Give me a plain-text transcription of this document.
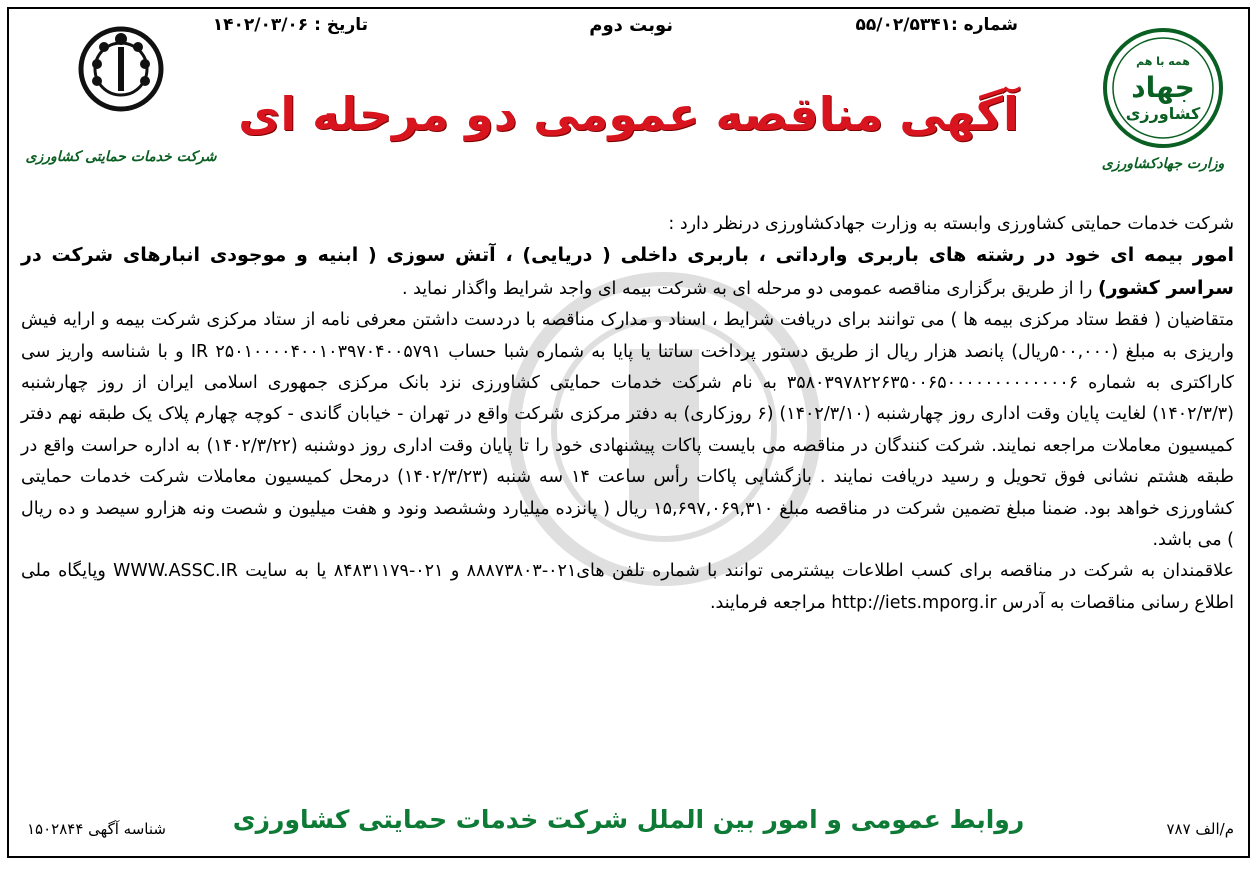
شرکت خدمات حمایتی کشاورزی
همه با هم
جهاد
کشاورزی
وزارت جهادکشاورزی
شماره :۵۵/۰۲/۵۳۴۱
نوبت دوم
تاریخ : ۱۴۰۲/۰۳/۰۶
آگهی مناقصه عمومی دو مرحله ای

شرکت خدمات حمایتی کشاورزی وابسته به وزارت جهادکشاورزی درنظر دارد :

امور بیمه ای خود در رشته های باربری وارداتی ، باربری داخلی ( دریایی) ، آتش سوزی ( ابنیه و موجودی انبارهای شرکت در سراسر کشور) را از طریق برگزاری مناقصه عمومی دو مرحله ای به شرکت بیمه ای واجد شرایط واگذار نماید .

متقاضیان ( فقط ستاد مرکزی بیمه ها ) می توانند برای دریافت شرایط ، اسناد و مدارک مناقصه با دردست داشتن معرفی نامه از ستاد مرکزی شرکت بیمه و ارایه فیش واریزی به مبلغ (۵۰۰,۰۰۰ریال) پانصد هزار ریال از طریق دستور پرداخت ساتنا یا پایا به شماره شبا حساب IR ۲۵۰۱۰۰۰۰۴۰۰۱۰۳۹۷۰۴۰۰۵۷۹۱ و با شناسه واریز سی کاراکتری به شماره ۳۵۸۰۳۹۷۸۲۲۶۳۵۰۰۶۵۰۰۰۰۰۰۰۰۰۰۰۰۰۶ به نام شرکت خدمات حمایتی کشاورزی نزد بانک مرکزی جمهوری اسلامی ایران از روز چهارشنبه (۱۴۰۲/۳/۳) لغایت پایان وقت اداری روز چهارشنبه (۱۴۰۲/۳/۱۰) (۶ روزکاری) به دفتر مرکزی شرکت واقع در تهران - خیابان گاندی - کوچه چهارم پلاک یک طبقه نهم دفتر کمیسیون معاملات مراجعه نمایند. شرکت کنندگان در مناقصه می بایست پاکات پیشنهادی خود را تا پایان وقت اداری روز دوشنبه (۱۴۰۲/۳/۲۲) به اداره حراست واقع در طبقه هشتم نشانی فوق تحویل و رسید دریافت نمایند . بازگشایی پاکات رأس ساعت ۱۴ سه شنبه (۱۴۰۲/۳/۲۳) درمحل کمیسیون معاملات شرکت خدمات حمایتی کشاورزی خواهد بود. ضمنا مبلغ تضمین شرکت در مناقصه مبلغ ۱۵,۶۹۷,۰۶۹,۳۱۰ ریال ( پانزده میلیارد وششصد ونود و هفت میلیون و شصت ونه هزارو سیصد و ده ریال ) می باشد.

علاقمندان به شرکت در مناقصه برای کسب اطلاعات بیشترمی توانند با شماره تلفن های۰۲۱-۸۸۸۷۳۸۰۳ و ۰۲۱-۸۴۸۳۱۱۷۹ یا به سایت WWW.ASSC.IR وپایگاه ملی اطلاع رسانی مناقصات به آدرس http://iets.mporg.ir مراجعه فرمایند.

روابط عمومی و امور بین الملل شرکت خدمات حمایتی کشاورزی	م/الف ۷۸۷
شناسه آگهی ۱۵۰۲۸۴۴
